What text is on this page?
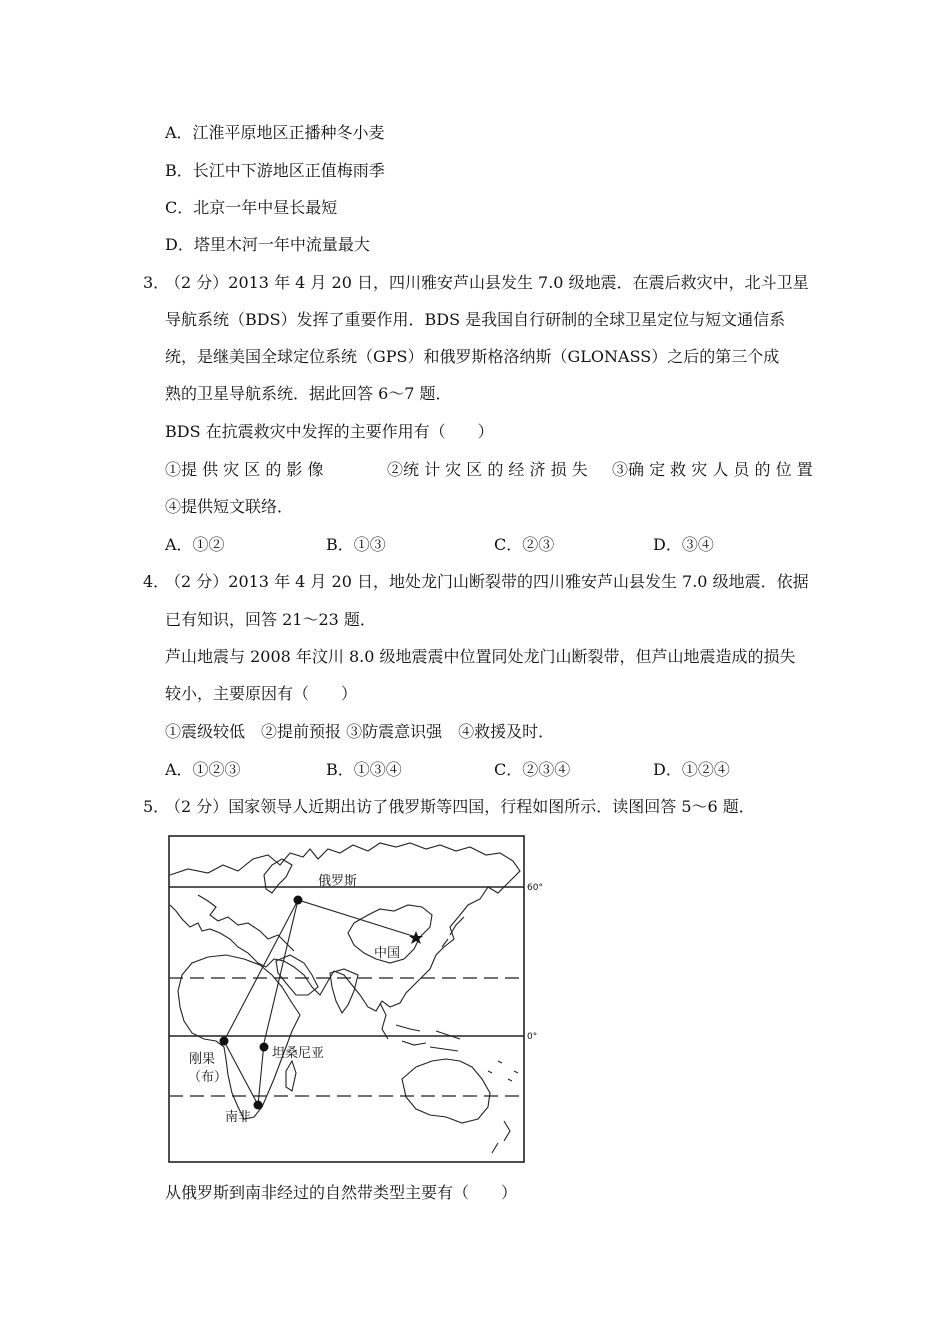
A．江淮平原地区正播种冬小麦
B．长江中下游地区正值梅雨季
C．北京一年中昼长最短
D．塔里木河一年中流量最大
3．
（2 分）2013 年 4 月 20 日，四川雅安芦山县发生 7.0 级地震．在震后救灾中，北斗卫星
导航系统（BDS）发挥了重要作用．BDS 是我国自行研制的全球卫星定位与短文通信系
统，是继美国全球定位系统（GPS）和俄罗斯格洛纳斯（GLONASS）之后的第三个成
熟的卫星导航系统．据此回答 6～7 题．
BDS 在抗震救灾中发挥的主要作用有（　　）
①提 供 灾 区 的 影 像	②统 计 灾 区 的 经 济 损 失 ③确 定 救 灾 人 员 的 位 置
④提供短文联络．
A．①②	B．①③	C．②③	D．③④
4．
（2 分）2013 年 4 月 20 日，地处龙门山断裂带的四川雅安芦山县发生 7.0 级地震．依据
已有知识，回答 21～23 题．
芦山地震与 2008 年汶川 8.0 级地震震中位置同处龙门山断裂带，但芦山地震造成的损失
较小，主要原因有（　　）
①震级较低　②提前预报 ③防震意识强　④救援及时．
A．①②③	B．①③④	C．②③④	D．①②④
5．
（2 分）国家领导人近期出访了俄罗斯等四国，行程如图所示．读图回答 5～6 题．
俄罗斯
中国
刚果
（布）
坦桑尼亚
南非
60°
0°
从俄罗斯到南非经过的自然带类型主要有（　　）
